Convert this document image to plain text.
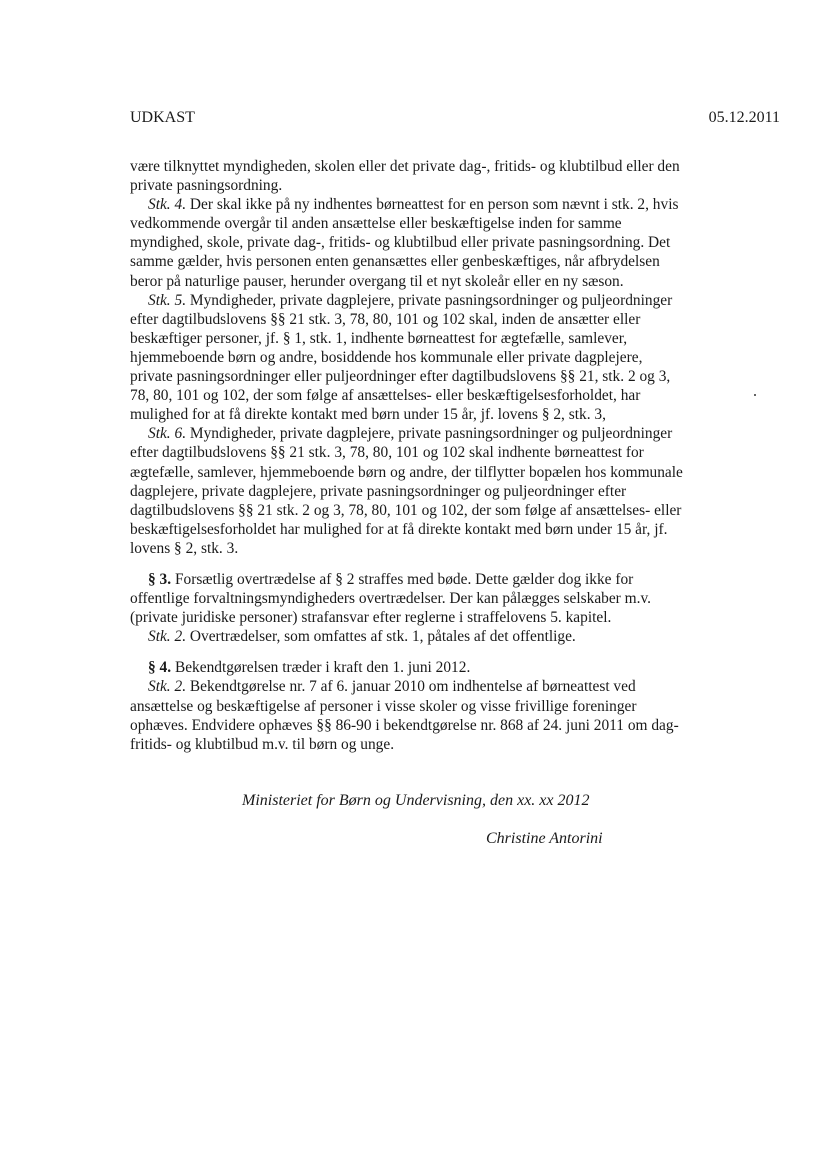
UDKAST	05.12.2011
være tilknyttet myndigheden, skolen eller det private dag-, fritids- og klubtilbud eller den
private pasningsordning.
Stk. 4. Der skal ikke på ny indhentes børneattest for en person som nævnt i stk. 2, hvis
vedkommende overgår til anden ansættelse eller beskæftigelse inden for samme
myndighed, skole, private dag-, fritids- og klubtilbud eller private pasningsordning. Det
samme gælder, hvis personen enten genansættes eller genbeskæftiges, når afbrydelsen
beror på naturlige pauser, herunder overgang til et nyt skoleår eller en ny sæson.
Stk. 5. Myndigheder, private dagplejere, private pasningsordninger og puljeordninger
efter dagtilbudslovens §§ 21 stk. 3, 78, 80, 101 og 102 skal, inden de ansætter eller
beskæftiger personer, jf. § 1, stk. 1, indhente børneattest for ægtefælle, samlever,
hjemmeboende børn og andre, bosiddende hos kommunale eller private dagplejere,
private pasningsordninger eller puljeordninger efter dagtilbudslovens §§ 21, stk. 2 og 3,
78, 80, 101 og 102, der som følge af ansættelses- eller beskæftigelsesforholdet, har
mulighed for at få direkte kontakt med børn under 15 år, jf. lovens § 2, stk. 3,
Stk. 6. Myndigheder, private dagplejere, private pasningsordninger og puljeordninger
efter dagtilbudslovens §§ 21 stk. 3, 78, 80, 101 og 102 skal indhente børneattest for
ægtefælle, samlever, hjemmeboende børn og andre, der tilflytter bopælen hos kommunale
dagplejere, private dagplejere, private pasningsordninger og puljeordninger efter
dagtilbudslovens §§ 21 stk. 2 og 3, 78, 80, 101 og 102, der som følge af ansættelses- eller
beskæftigelsesforholdet har mulighed for at få direkte kontakt med børn under 15 år, jf.
lovens § 2, stk. 3.
§ 3. Forsætlig overtrædelse af § 2 straffes med bøde. Dette gælder dog ikke for
offentlige forvaltningsmyndigheders overtrædelser. Der kan pålægges selskaber m.v.
(private juridiske personer) strafansvar efter reglerne i straffelovens 5. kapitel.
Stk. 2. Overtrædelser, som omfattes af stk. 1, påtales af det offentlige.
§ 4. Bekendtgørelsen træder i kraft den 1. juni 2012.
Stk. 2. Bekendtgørelse nr. 7 af 6. januar 2010 om indhentelse af børneattest ved
ansættelse og beskæftigelse af personer i visse skoler og visse frivillige foreninger
ophæves. Endvidere ophæves §§ 86-90 i bekendtgørelse nr. 868 af 24. juni 2011 om dag-
fritids- og klubtilbud m.v. til børn og unge.
Ministeriet for Børn og Undervisning, den xx. xx 2012
Christine Antorini
